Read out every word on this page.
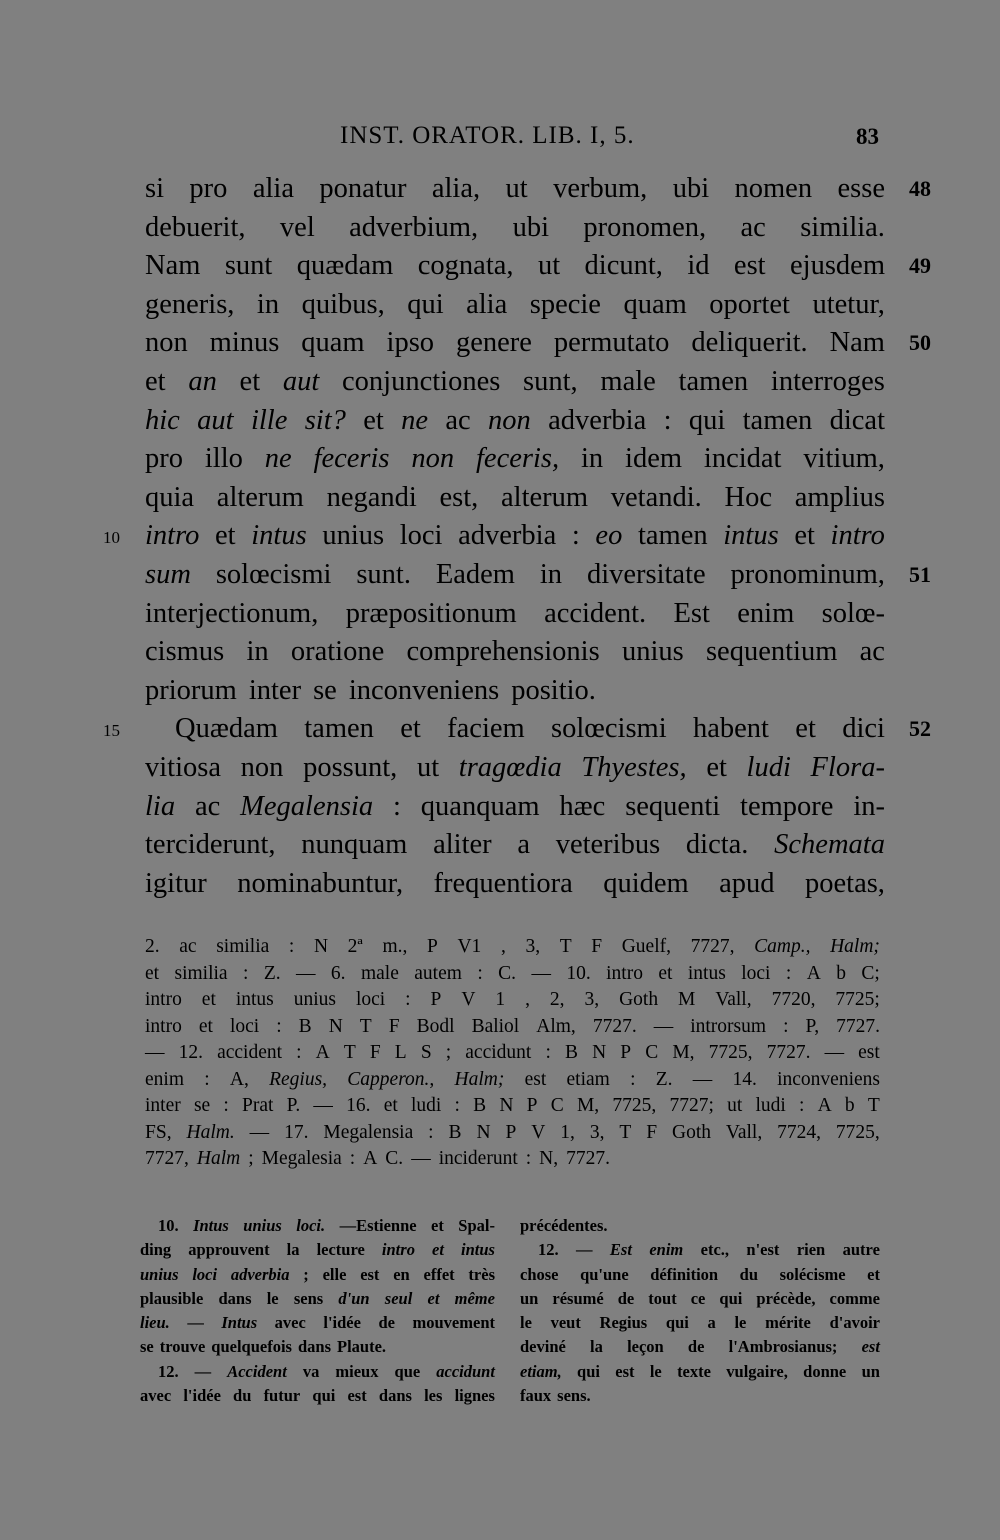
INST. ORATOR. LIB. I, 5.	83
si pro alia ponatur alia, ut verbum, ubi nomen esse 48
debuerit, vel adverbium, ubi pronomen, ac similia.
Nam sunt quædam cognata, ut dicunt, id est ejusdem 49
generis, in quibus, qui alia specie quam oportet utetur,
non minus quam ipso genere permutato deliquerit. Nam 50
et an et aut conjunctiones sunt, male tamen interroges
hic aut ille sit? et ne ac non adverbia : qui tamen dicat
pro illo ne feceris non feceris, in idem incidat vitium,
quia alterum negandi est, alterum vetandi. Hoc amplius
intro et intus unius loci adverbia : eo tamen intus et intro
10
sum solœcismi sunt. Eadem in diversitate pronominum, 51
interjectionum, præpositionum accident. Est enim solœ-
cismus in oratione comprehensionis unius sequentium ac
priorum inter se inconveniens positio.
Quædam tamen et faciem solœcismi habent et dici 52
15
vitiosa non possunt, ut tragœdia Thyestes, et ludi Flora-
lia ac Megalensia : quanquam hæc sequenti tempore in-
terciderunt, nunquam aliter a veteribus dicta. Schemata
igitur nominabuntur, frequentiora quidem apud poetas,
2. ac similia : N 2ª m., P V1 , 3, T F Guelf, 7727, Camp., Halm;
et similia : Z. — 6. male autem : C. — 10. intro et intus loci : A b C;
intro et intus unius loci : P V 1 , 2, 3, Goth M Vall, 7720, 7725;
intro et loci : B N T F Bodl Baliol Alm, 7727. — introrsum : P, 7727.
— 12. accident : A T F L S ; accidunt : B N P C M, 7725, 7727. — est
enim : A, Regius, Capperon., Halm; est etiam : Z. — 14. inconveniens
inter se : Prat P. — 16. et ludi : B N P C M, 7725, 7727; ut ludi : A b T
FS, Halm. — 17. Megalensia : B N P V 1, 3, T F Goth Vall, 7724, 7725,
7727, Halm ; Megalesia : A C. — inciderunt : N, 7727.
10. Intus unius loci. —Estienne et Spal-
ding approuvent la lecture intro et intus
unius loci adverbia ; elle est en effet très
plausible dans le sens d'un seul et même
lieu. — Intus avec l'idée de mouvement
se trouve quelquefois dans Plaute.
12. — Accident va mieux que accidunt
avec l'idée du futur qui est dans les lignes
précédentes.
12. — Est enim etc., n'est rien autre
chose qu'une définition du solécisme et
un résumé de tout ce qui précède, comme
le veut Regius qui a le mérite d'avoir
deviné la leçon de l'Ambrosianus; est
etiam, qui est le texte vulgaire, donne un
faux sens.
